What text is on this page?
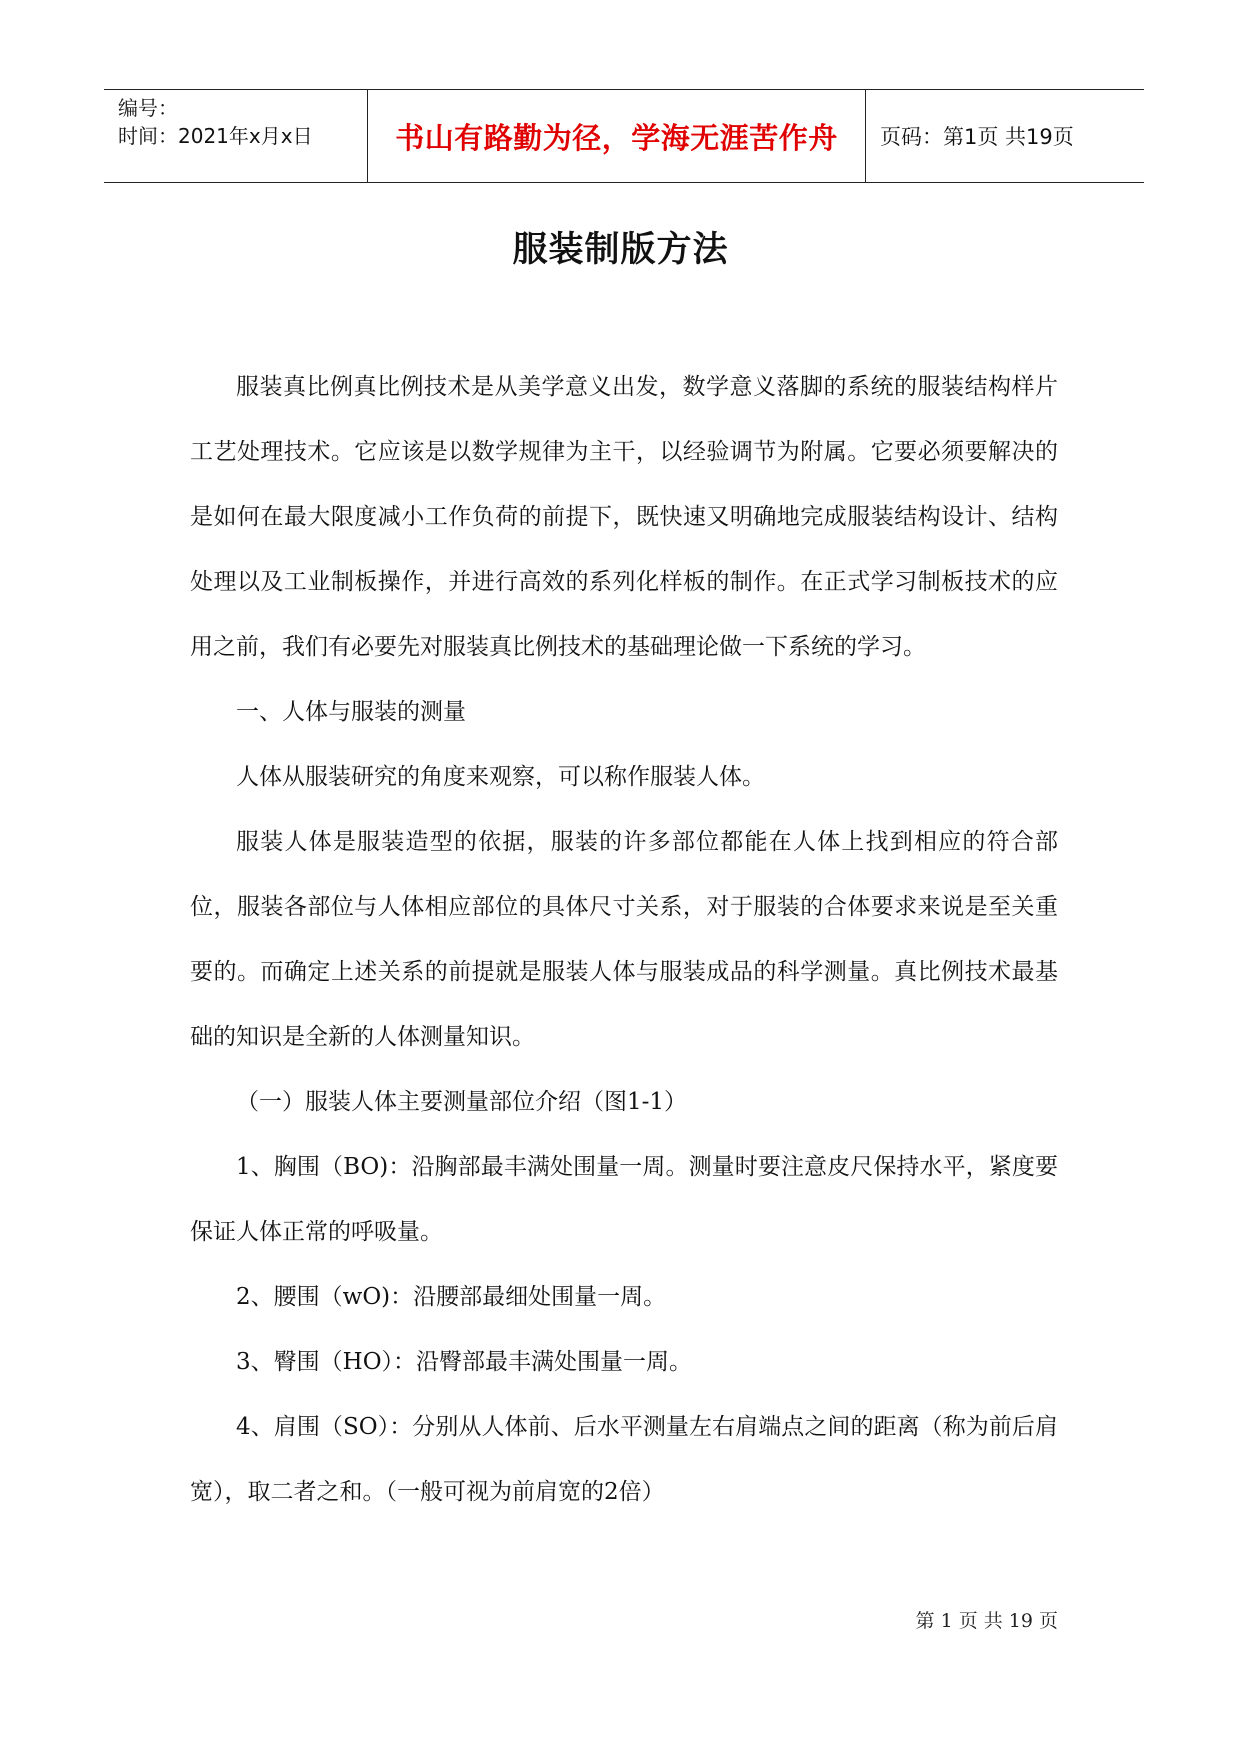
编号：
时间：2021年x月x日	书山有路勤为径，学海无涯苦作舟 页码：第1页 共19页
服装制版方法

服装真比例真比例技术是从美学意义出发，数学意义落脚的系统的服装结构样片工艺处理技术。它应该是以数学规律为主干，以经验调节为附属。它要必须要解决的是如何在最大限度减小工作负荷的前提下，既快速又明确地完成服装结构设计、结构处理以及工业制板操作，并进行高效的系列化样板的制作。在正式学习制板技术的应用之前，我们有必要先对服装真比例技术的基础理论做一下系统的学习。

一、人体与服装的测量

人体从服装研究的角度来观察，可以称作服装人体。

服装人体是服装造型的依据，服装的许多部位都能在人体上找到相应的符合部位，服装各部位与人体相应部位的具体尺寸关系，对于服装的合体要求来说是至关重要的。而确定上述关系的前提就是服装人体与服装成品的科学测量。真比例技术最基础的知识是全新的人体测量知识。

（一）服装人体主要测量部位介绍（图1-1）

1、胸围（BO)：沿胸部最丰满处围量一周。测量时要注意皮尺保持水平，紧度要保证人体正常的呼吸量。

2、腰围（wO)：沿腰部最细处围量一周。

3、臀围（HO）：沿臀部最丰满处围量一周。

4、肩围（SO）：分别从人体前、后水平测量左右肩端点之间的距离（称为前后肩宽），取二者之和。（一般可视为前肩宽的2倍）

第 1 页 共 19 页
